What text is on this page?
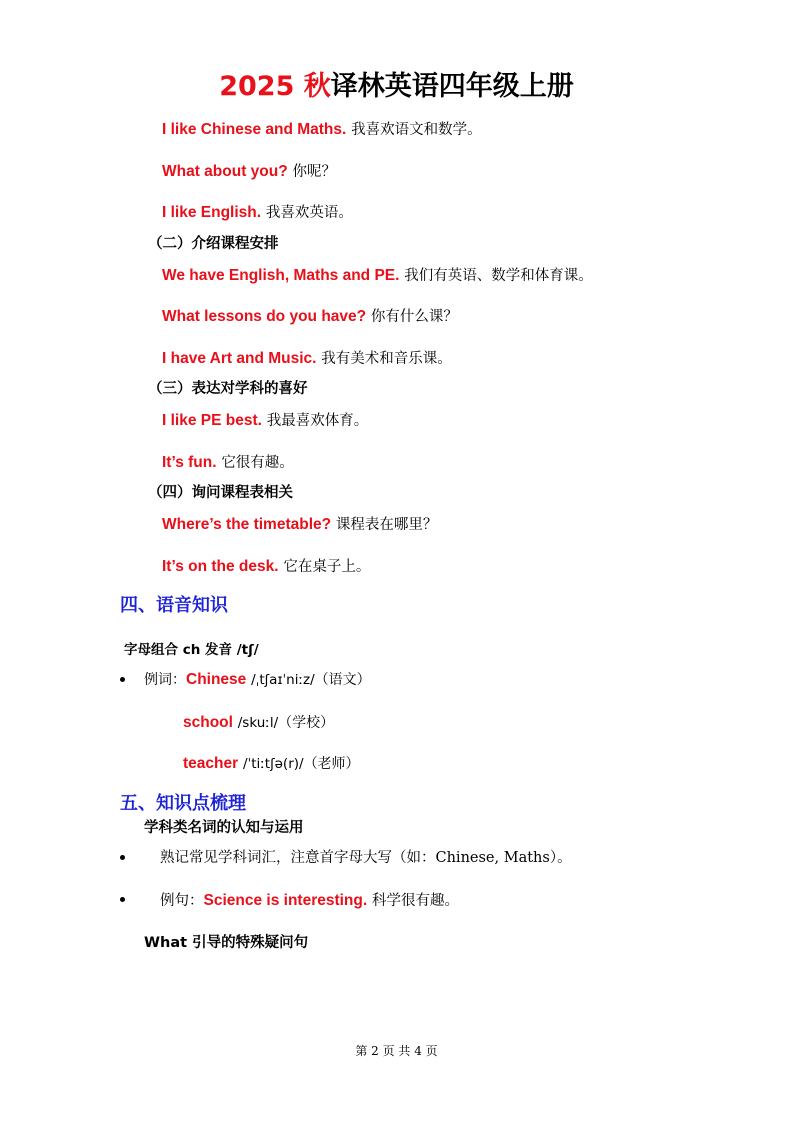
2025 秋译林英语四年级上册
I like Chinese and Maths. 我喜欢语文和数学。
What about you? 你呢？
I like English. 我喜欢英语。
（二）介绍课程安排
We have English, Maths and PE. 我们有英语、数学和体育课。
What lessons do you have? 你有什么课？
I have Art and Music. 我有美术和音乐课。
（三）表达对学科的喜好
I like PE best. 我最喜欢体育。
It’s fun. 它很有趣。
（四）询问课程表相关
Where’s the timetable? 课程表在哪里？
It’s on the desk. 它在桌子上。
四、语音知识
字母组合 ch 发音 /tʃ/
例词：Chinese /ˌtʃaɪˈniːz/（语文）
school /skuːl/（学校）
teacher /ˈtiːtʃə(r)/（老师）
五、知识点梳理
学科类名词的认知与运用
熟记常见学科词汇，注意首字母大写（如：Chinese, Maths）。
例句：Science is interesting. 科学很有趣。
What 引导的特殊疑问句
第 2 页 共 4 页
